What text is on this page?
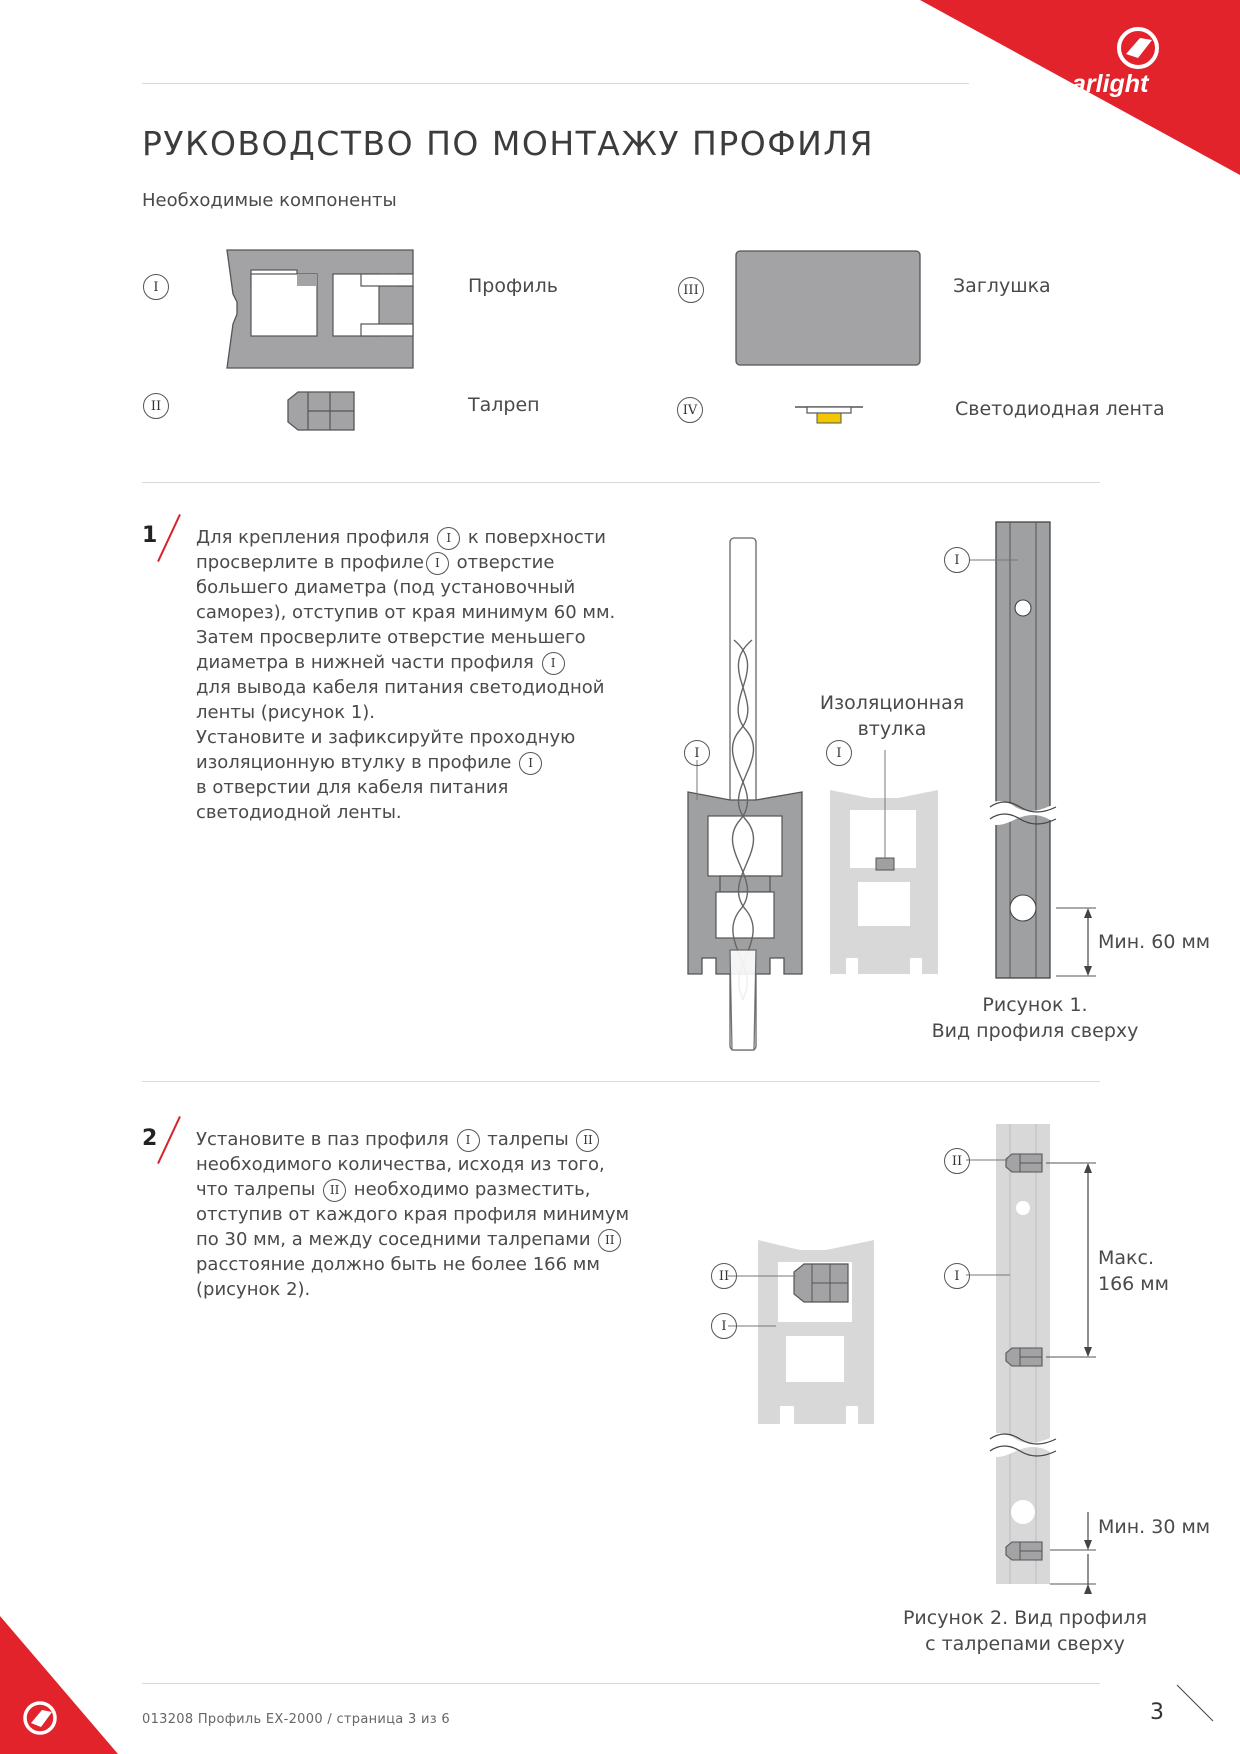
arlight
РУКОВОДСТВО ПО МОНТАЖУ ПРОФИЛЯ
Необходимые компоненты
I	Профиль
II	Талреп
III	Заглушка
IV	Светодиодная лента
1 Для крепления профиля I к поверхности
просверлите в профиле I отверстие
большего диаметра (под установочный
саморез), отступив от края минимум 60 мм.
Затем просверлите отверстие меньшего
диаметра в нижней части профиля I
для вывода кабеля питания светодиодной
ленты (рисунок 1).
Установите и зафиксируйте проходную
изоляционную втулку в профиле I
в отверстии для кабеля питания
светодиодной ленты.
I	I
Изоляционная
втулка
I
Мин. 60 мм
Рисунок 1.
Вид профиля сверху
2 Установите в паз профиля I талрепы II
необходимого количества, исходя из того,
что талрепы II необходимо разместить,
отступив от каждого края профиля минимум
по 30 мм, а между соседними талрепами II
расстояние должно быть не более 166 мм
(рисунок 2).
II
I
II
I
Макс.
166 мм
Мин. 30 мм
Рисунок 2. Вид профиля
с талрепами сверху
013208 Профиль ЕХ-2000 / страница 3 из 6	3
